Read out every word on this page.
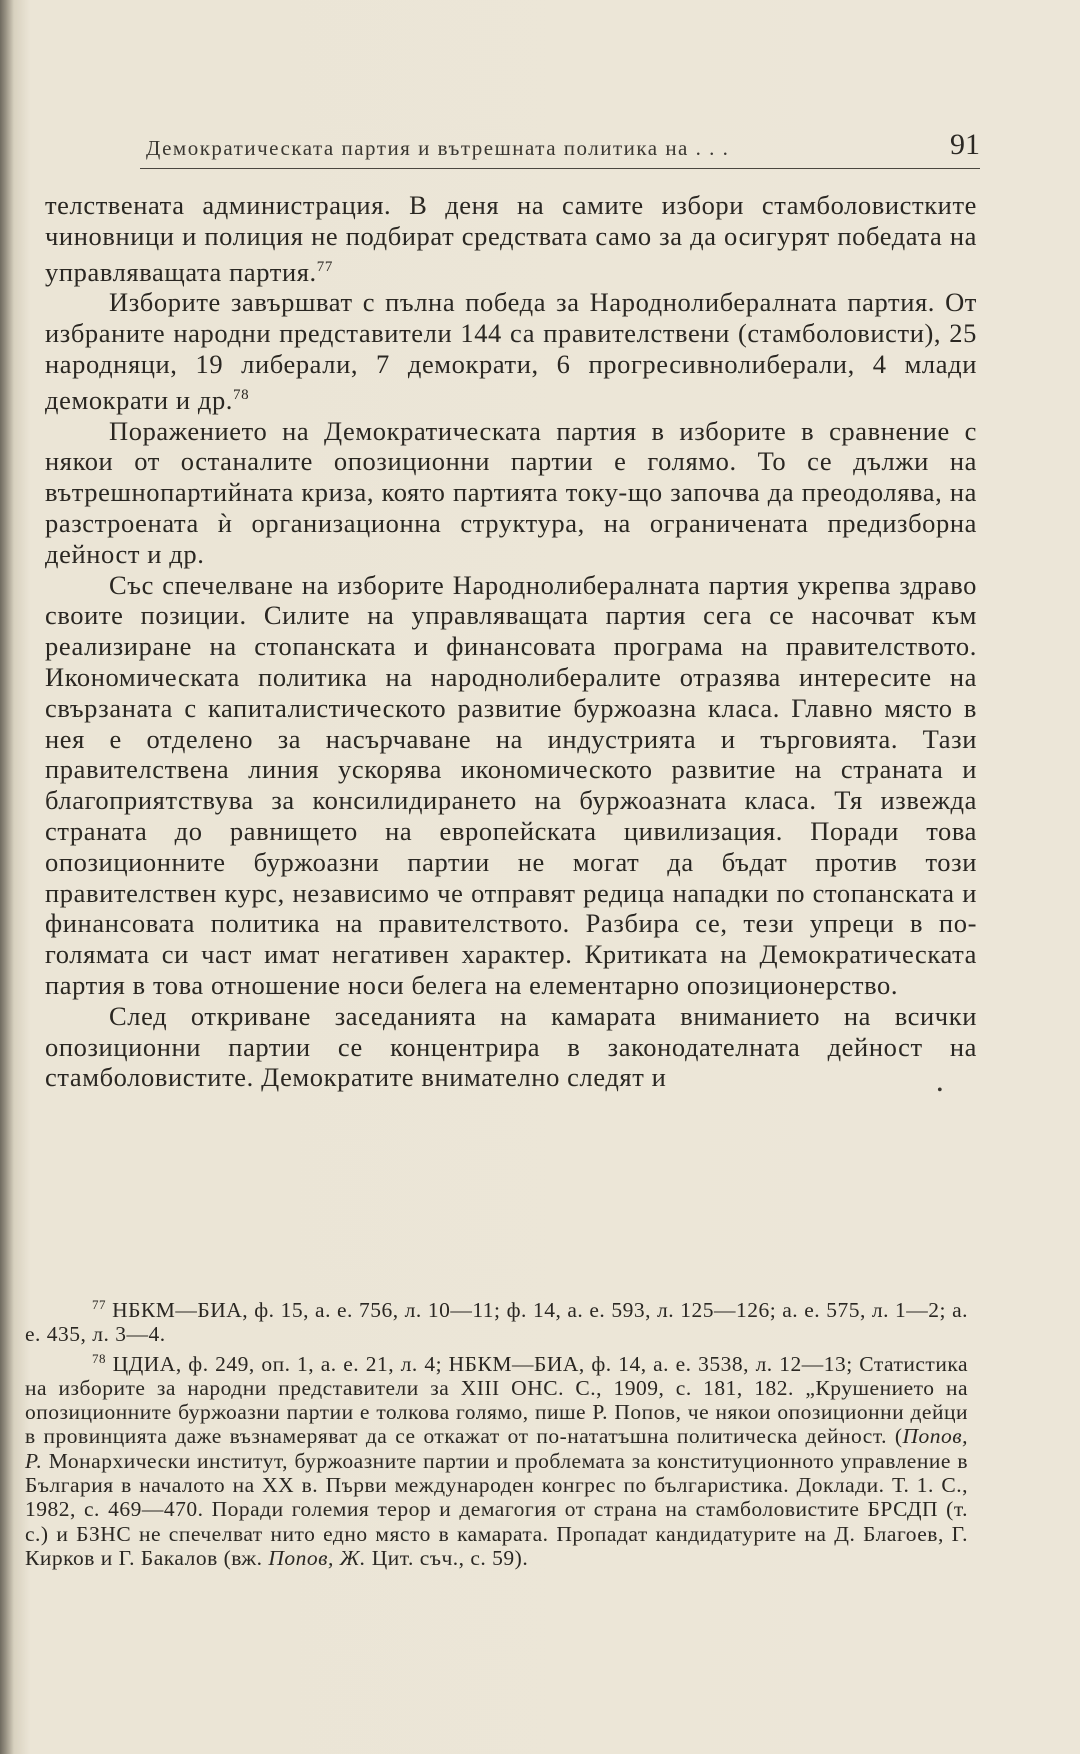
Демократическата партия и вътрешната политика на . . .	91

телствената администрация. В деня на самите избори стамболовистките чиновници и полиция не подбират средствата само за да осигурят победата на управляващата партия.$^{77}$

Изборите завършват с пълна победа за Народнолибералната партия. От избраните народни представители 144 са правителствени (стамболовисти), 25 народняци, 19 либерали, 7 демократи, 6 прогресивнолиберали, 4 млади демократи и др.$^{78}$

Поражението на Демократическата партия в изборите в сравнение с някои от останалите опозиционни партии е голямо. То се дължи на вътрешнопартийната криза, която партията току-що започва да преодолява, на разстроената ѝ организационна структура, на ограничената предизборна дейност и др.

Със спечелване на изборите Народнолибералната партия укрепва здраво своите позиции. Силите на управляващата партия сега се насочват към реализиране на стопанската и финансовата програма на правителството. Икономическата политика на народнолибералите отразява интересите на свързаната с капиталистическото развитие буржоазна класа. Главно място в нея е отделено за насърчаване на индустрията и търговията. Тази правителствена линия ускорява икономическото развитие на страната и благоприятствува за консилидирането на буржоазната класа. Тя извежда страната до равнището на европейската цивилизация. Поради това опозиционните буржоазни партии не могат да бъдат против този правителствен курс, независимо че отправят редица нападки по стопанската и финансовата политика на правителството. Разбира се, тези упреци в по-голямата си част имат негативен характер. Критиката на Демократическата партия в това отношение носи белега на елементарно опозиционерство.

След откриване заседанията на камарата вниманието на всички опозиционни партии се концентрира в законодателната дейност на стамболовистите. Демократите внимателно следят и	•

$^{77}$ НБКМ—БИА, ф. 15, а. е. 756, л. 10—11; ф. 14, а. е. 593, л. 125—126; а. е. 575, л. 1—2; а. е. 435, л. 3—4.

$^{78}$ ЦДИА, ф. 249, оп. 1, а. е. 21, л. 4; НБКМ—БИА, ф. 14, а. е. 3538, л. 12—13; Статистика на изборите за народни представители за XIII ОНС. С., 1909, с. 181, 182. „Крушението на опозиционните буржоазни партии е толкова голямо, пише Р. Попов, че някои опозиционни дейци в провинцията даже възнамеряват да се откажат от по-нататъшна политическа дейност. (Попов, Р. Монархически институт, буржоазните партии и проблемата за конституционното управление в България в началото на XX в. Първи международен конгрес по българистика. Доклади. Т. 1. С., 1982, с. 469—470. Поради големия терор и демагогия от страна на стамболовистите БРСДП (т. с.) и БЗНС не спечелват нито едно място в камарата. Пропадат кандидатурите на Д. Благоев, Г. Кирков и Г. Бакалов (вж. Попов, Ж. Цит. съч., с. 59).
